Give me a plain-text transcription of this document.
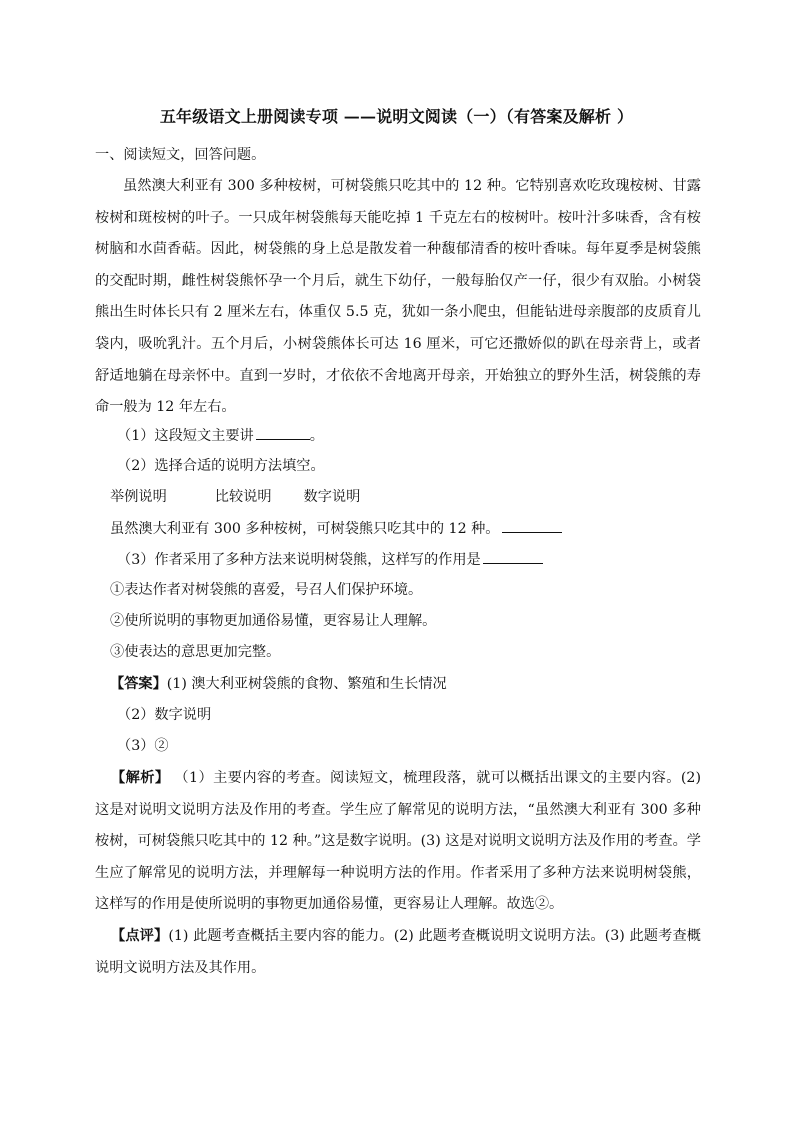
五年级语文上册阅读专项 ——说明文阅读（一）（有答案及解析 ）
一、阅读短文，回答问题。
虽然澳大利亚有 300 多种桉树，可树袋熊只吃其中的 12 种。它特别喜欢吃玫瑰桉树、甘露桉树和斑桉树的叶子。一只成年树袋熊每天能吃掉 1 千克左右的桉树叶。桉叶汁多味香，含有桉树脑和水茴香萜。因此，树袋熊的身上总是散发着一种馥郁清香的桉叶香味。每年夏季是树袋熊的交配时期，雌性树袋熊怀孕一个月后，就生下幼仔，一般每胎仅产一仔，很少有双胎。小树袋熊出生时体长只有 2 厘米左右，体重仅 5.5 克，犹如一条小爬虫，但能钻进母亲腹部的皮质育儿袋内，吸吮乳汁。五个月后，小树袋熊体长可达 16 厘米，可它还撒娇似的趴在母亲背上，或者舒适地躺在母亲怀中。直到一岁时，才依依不舍地离开母亲，开始独立的野外生活，树袋熊的寿命一般为 12 年左右。
（1）这段短文主要讲	。
（2）选择合适的说明方法填空。
举例说明	比较说明 数字说明
虽然澳大利亚有 300 多种桉树，可树袋熊只吃其中的 12 种。
（3）作者采用了多种方法来说明树袋熊，这样写的作用是
①表达作者对树袋熊的喜爱，号召人们保护环境。
②使所说明的事物更加通俗易懂，更容易让人理解。
③使表达的意思更加完整。
【答案】(1) 澳大利亚树袋熊的食物、繁殖和生长情况
（2）数字说明
（3）②
【解析】 （1）主要内容的考查。阅读短文，梳理段落，就可以概括出课文的主要内容。(2) 这是对说明文说明方法及作用的考查。学生应了解常见的说明方法，“虽然澳大利亚有 300 多种桉树，可树袋熊只吃其中的 12 种。”这是数字说明。(3) 这是对说明文说明方法及作用的考查。学生应了解常见的说明方法，并理解每一种说明方法的作用。作者采用了多种方法来说明树袋熊，这样写的作用是使所说明的事物更加通俗易懂，更容易让人理解。故选②。
【点评】(1) 此题考查概括主要内容的能力。(2) 此题考查概说明文说明方法。(3) 此题考查概说明文说明方法及其作用。
